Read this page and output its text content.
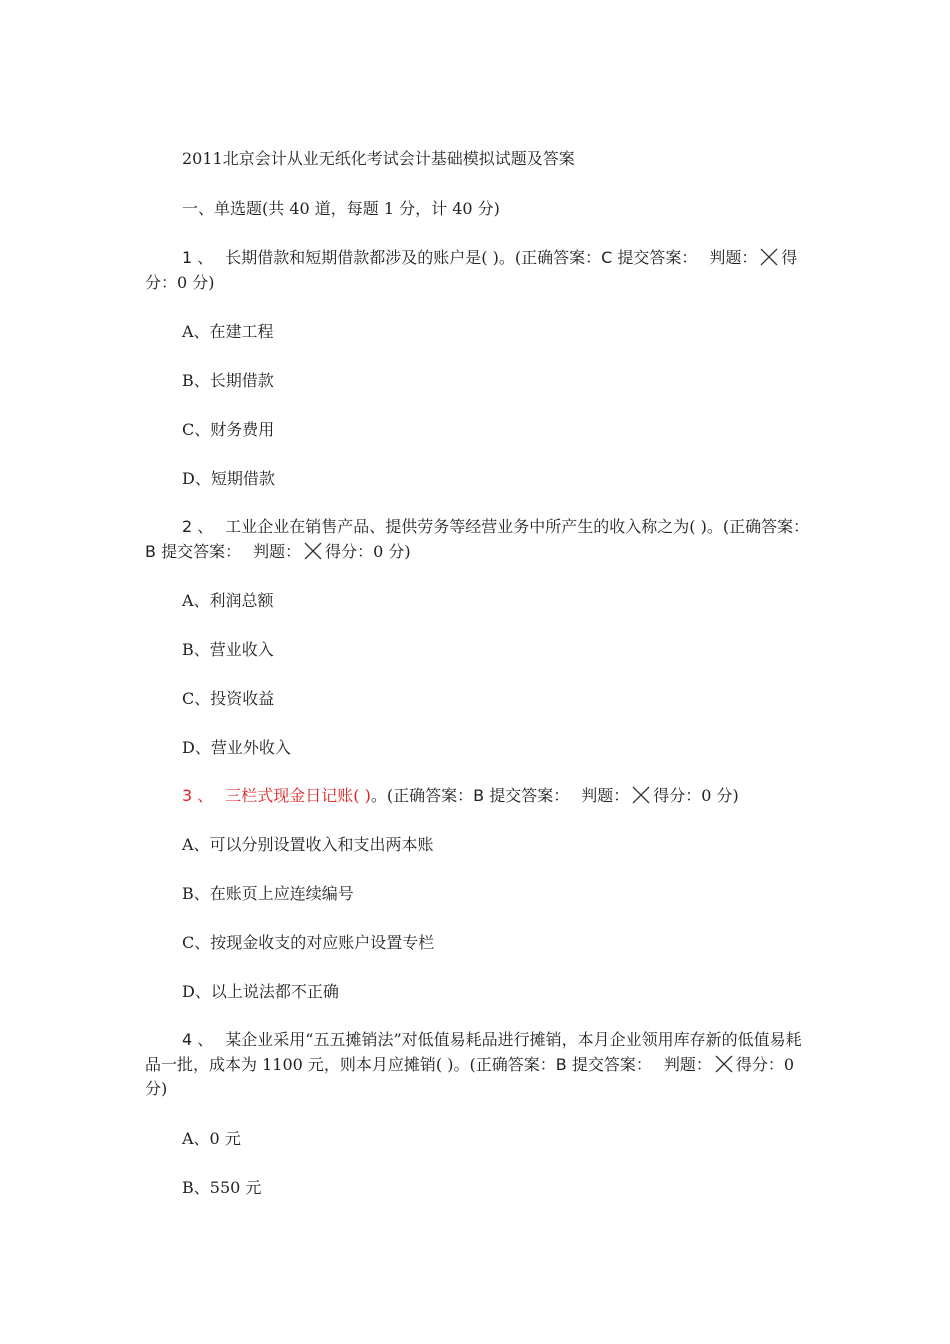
2011北京会计从业无纸化考试会计基础模拟试题及答案
一、单选题(共 40 道，每题 1 分，计 40 分)
1 、 长期借款和短期借款都涉及的账户是( )。(正确答案：C 提交答案： 判题： 得分：0 分)
A、在建工程
B、长期借款
C、财务费用
D、短期借款
2 、 工业企业在销售产品、提供劳务等经营业务中所产生的收入称之为( )。(正确答案：B 提交答案： 判题： 得分：0 分)
A、利润总额
B、营业收入
C、投资收益
D、营业外收入
3 、 三栏式现金日记账( )。(正确答案：B 提交答案： 判题： 得分：0 分)
A、可以分别设置收入和支出两本账
B、在账页上应连续编号
C、按现金收支的对应账户设置专栏
D、以上说法都不正确
4 、 某企业采用“五五摊销法”对低值易耗品进行摊销，本月企业领用库存新的低值易耗品一批，成本为 1100 元，则本月应摊销( )。(正确答案：B 提交答案： 判题： 得分：0 分)
A、0 元
B、550 元
